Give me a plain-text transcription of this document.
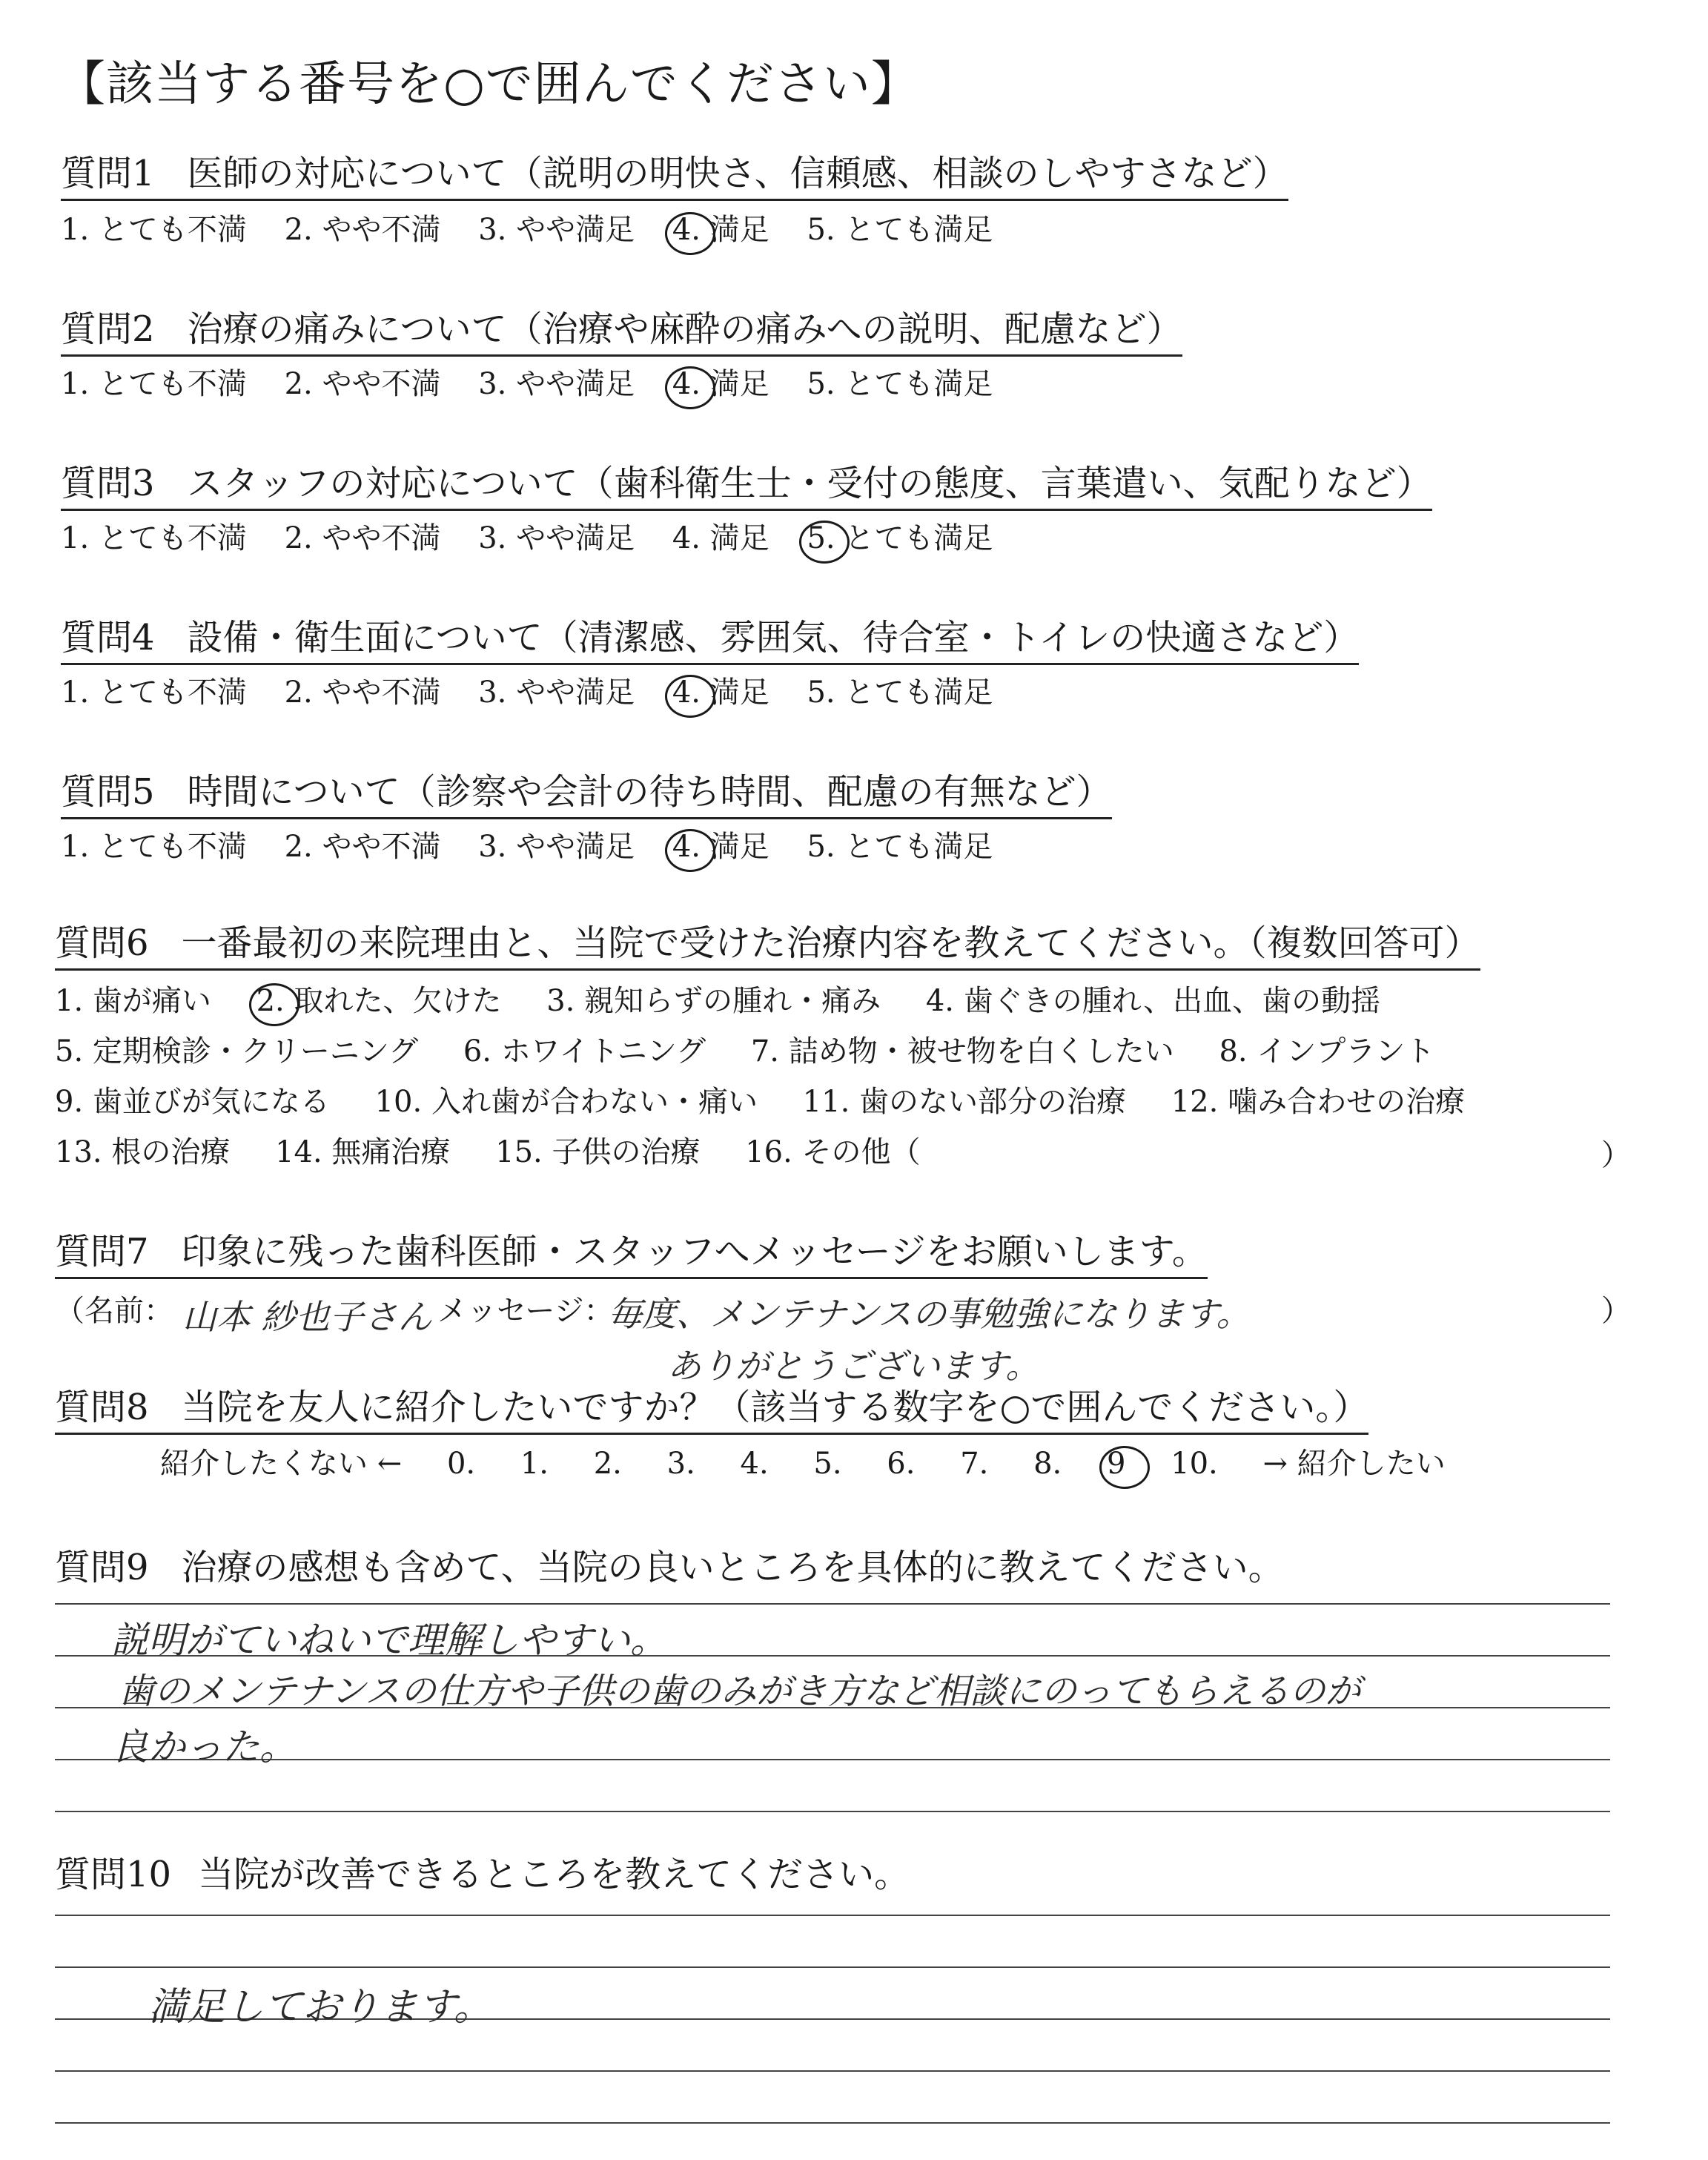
【該当する番号を○で囲んでください】
質問1 医師の対応について（説明の明快さ、信頼感、相談のしやすさなど）
1. とても不満 2. やや不満 3. やや満足 4. 満足 5. とても満足
質問2 治療の痛みについて（治療や麻酔の痛みへの説明、配慮など）
1. とても不満 2. やや不満 3. やや満足 4. 満足 5. とても満足
質問3 スタッフの対応について（歯科衛生士・受付の態度、言葉遣い、気配りなど）
1. とても不満 2. やや不満 3. やや満足 4. 満足 5. とても満足
質問4 設備・衛生面について（清潔感、雰囲気、待合室・トイレの快適さなど）
1. とても不満 2. やや不満 3. やや満足 4. 満足 5. とても満足
質問5 時間について（診察や会計の待ち時間、配慮の有無など）
1. とても不満 2. やや不満 3. やや満足 4. 満足 5. とても満足
質問6 一番最初の来院理由と、当院で受けた治療内容を教えてください。（複数回答可）
1. 歯が痛い 2. 取れた、欠けた 3. 親知らずの腫れ・痛み 4. 歯ぐきの腫れ、出血、歯の動揺
5. 定期検診・クリーニング 6. ホワイトニング 7. 詰め物・被せ物を白くしたい 8. インプラント
9. 歯並びが気になる 10. 入れ歯が合わない・痛い 11. 歯のない部分の治療 12. 噛み合わせの治療
13. 根の治療 14. 無痛治療 15. 子供の治療 16. その他（	）
質問7 印象に残った歯科医師・スタッフへメッセージをお願いします。
（名前： 山本 紗也子さん メッセージ：
毎度、メンテナンスの事勉強になります。
ありがとうございます。
）
質問8 当院を友人に紹介したいですか？（該当する数字を○で囲んでください。）
紹介したくない ← 0. 1. 2. 3. 4. 5. 6. 7. 8. 9 10. → 紹介したい
質問9 治療の感想も含めて、当院の良いところを具体的に教えてください。
説明がていねいで理解しやすい。
歯のメンテナンスの仕方や子供の歯のみがき方など相談にのってもらえるのが
良かった。
質問10 当院が改善できるところを教えてください。
満足しております。
